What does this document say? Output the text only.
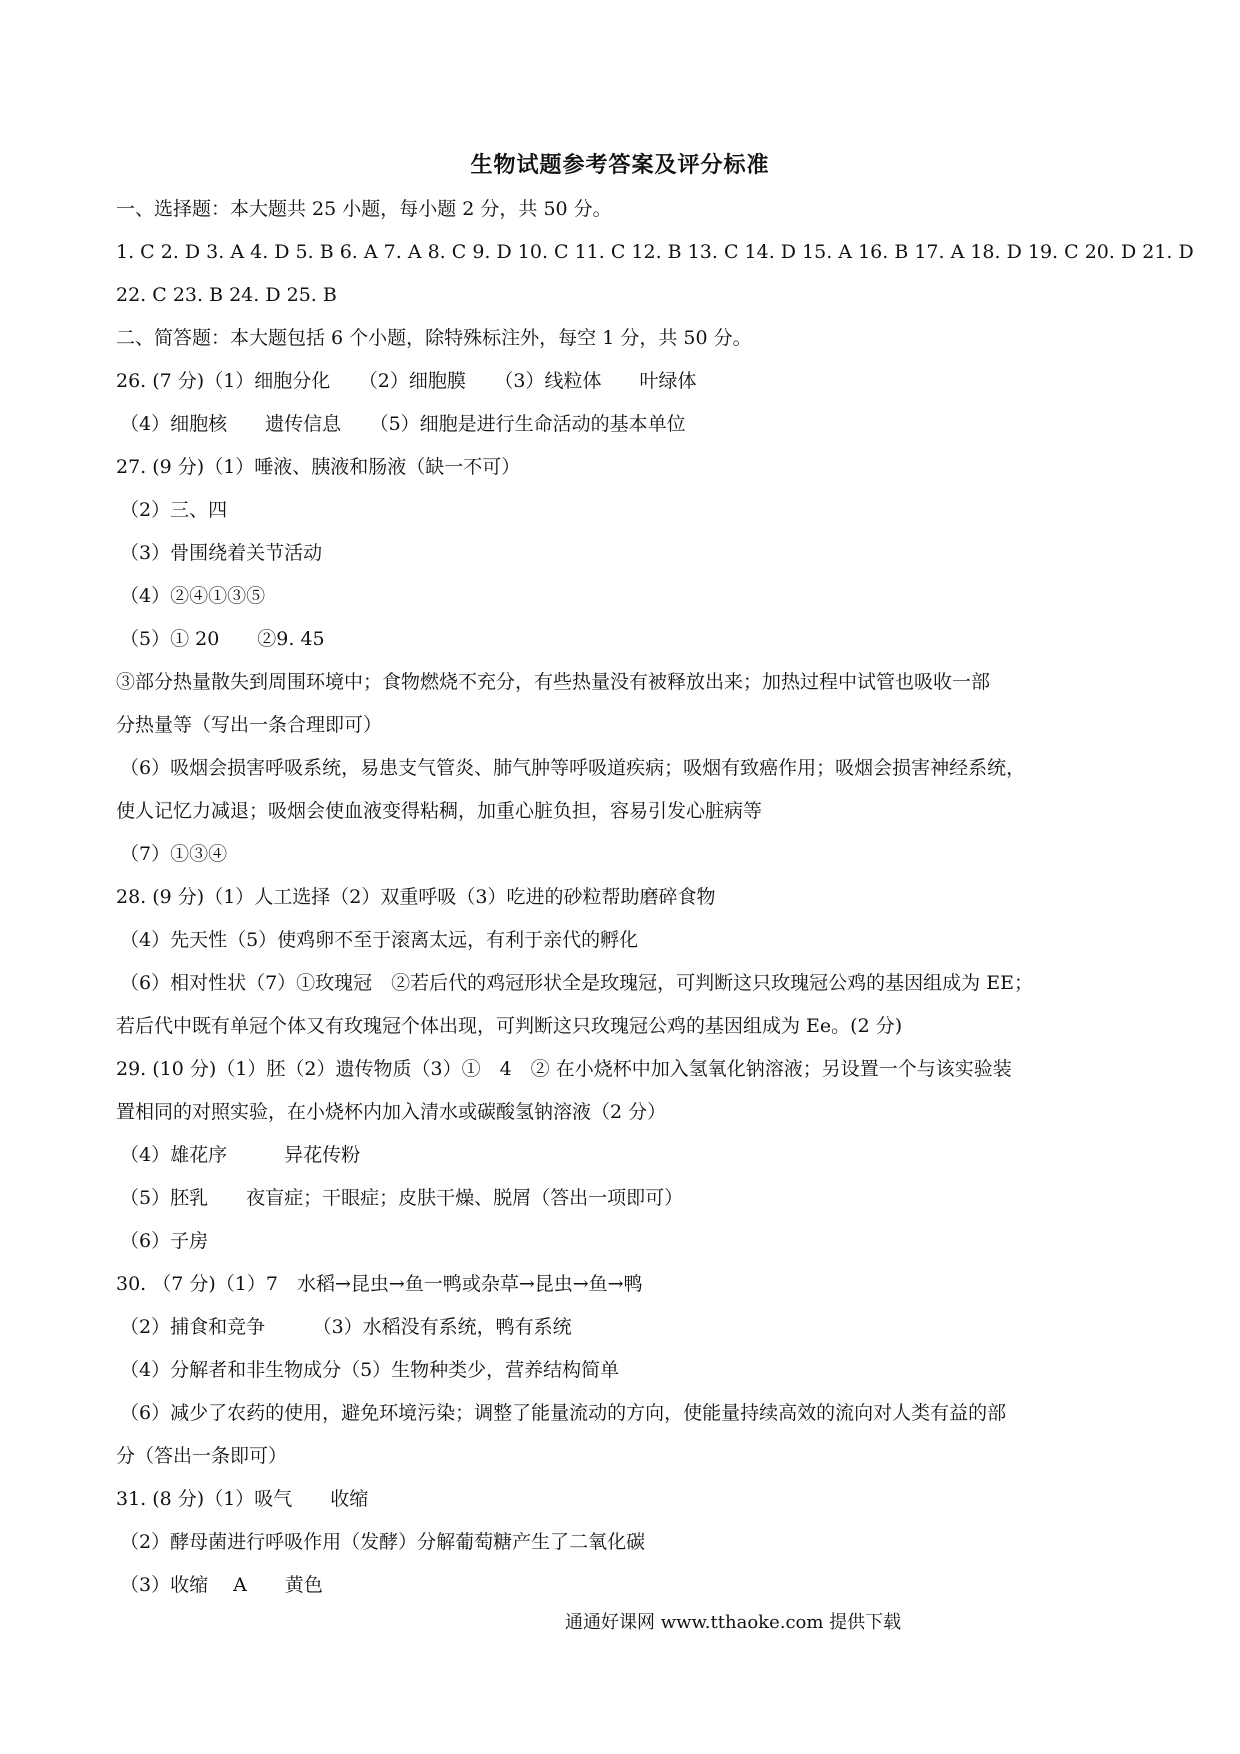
生物试题参考答案及评分标准
一、选择题：本大题共 25 小题，每小题 2 分，共 50 分。
1. C 2. D 3. A 4. D 5. B 6. A 7. A 8. C 9. D 10. C 11. C 12. B 13. C 14. D 15. A 16. B 17. A 18. D 19. C 20. D 21. D
22. C 23. B 24. D 25. B
二、简答题：本大题包括 6 个小题，除特殊标注外，每空 1 分，共 50 分。
26. (7 分)（1）细胞分化　　（2）细胞膜　　（3）线粒体　　叶绿体
（4）细胞核　　遗传信息　　（5）细胞是进行生命活动的基本单位
27. (9 分)（1）唾液、胰液和肠液（缺一不可）
（2）三、四
（3）骨围绕着关节活动
（4）②④①③⑤
（5）① 20　　②9. 45
③部分热量散失到周围环境中；食物燃烧不充分，有些热量没有被释放出来；加热过程中试管也吸收一部
分热量等（写出一条合理即可）
（6）吸烟会损害呼吸系统，易患支气管炎、肺气肿等呼吸道疾病；吸烟有致癌作用；吸烟会损害神经系统，
使人记忆力减退；吸烟会使血液变得粘稠，加重心脏负担，容易引发心脏病等
（7）①③④
28. (9 分)（1）人工选择（2）双重呼吸（3）吃进的砂粒帮助磨碎食物
（4）先天性（5）使鸡卵不至于滚离太远，有利于亲代的孵化
（6）相对性状（7）①玫瑰冠　②若后代的鸡冠形状全是玫瑰冠，可判断这只玫瑰冠公鸡的基因组成为 EE；
若后代中既有单冠个体又有玫瑰冠个体出现，可判断这只玫瑰冠公鸡的基因组成为 Ee。(2 分)
29. (10 分)（1）胚（2）遗传物质（3）①　4　② 在小烧杯中加入氢氧化钠溶液；另设置一个与该实验装
置相同的对照实验，在小烧杯内加入清水或碳酸氢钠溶液（2 分）
（4）雄花序　　　异花传粉
（5）胚乳　　夜盲症；干眼症；皮肤干燥、脱屑（答出一项即可）
（6）子房
30. （7 分)（1）7　水稻→昆虫→鱼一鸭或杂草→昆虫→鱼→鸭
（2）捕食和竞争　　　（3）水稻没有系统，鸭有系统
（4）分解者和非生物成分（5）生物种类少，营养结构简单
（6）减少了农药的使用，避免环境污染；调整了能量流动的方向，使能量持续高效的流向对人类有益的部
分（答出一条即可）
31. (8 分)（1）吸气　　收缩
（2）酵母菌进行呼吸作用（发酵）分解葡萄糖产生了二氧化碳
（3）收缩　 A　　黄色
通通好课网 www.tthaoke.com 提供下载
